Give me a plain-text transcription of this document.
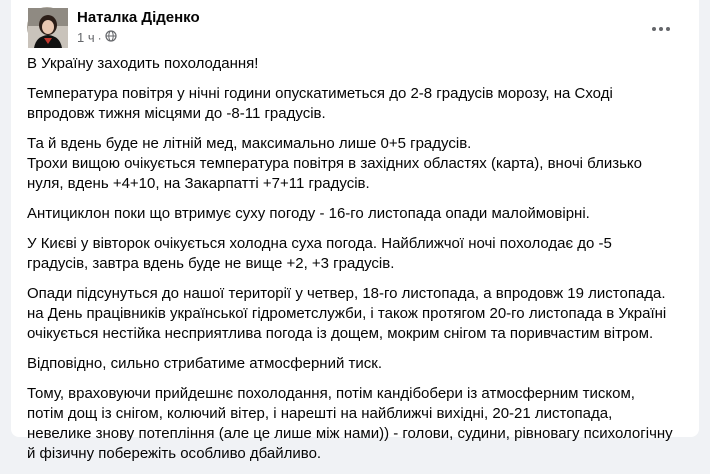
Наталка Діденко
1 ч ·

В Україну заходить похолодання!

Температура повітря у нічні години опускатиметься до 2-8 градусів морозу, на Сході
впродовж тижня місцями до -8-11 градусів.

Та й вдень буде не літній мед, максимально лише 0+5 градусів.
Трохи вищою очікується температура повітря в західних областях (карта), вночі близько
нуля, вдень +4+10, на Закарпатті +7+11 градусів.

Антициклон поки що втримує суху погоду - 16-го листопада опади малоймовірні.

У Києві у вівторок очікується холодна суха погода. Найближчої ночі похолодає до -5
градусів, завтра вдень буде не вище +2, +3 градусів.

Опади підсунуться до нашої території у четвер, 18-го листопада, а впродовж 19 листопада.
на День працівників української гідрометслужби, і також протягом 20-го листопада в Україні
очікується нестійка несприятлива погода із дощем, мокрим снігом та поривчастим вітром.

Відповідно, сильно стрибатиме атмосферний тиск.

Тому, враховуючи прийдешнє похолодання, потім кандібобери із атмосферним тиском,
потім дощ із снігом, колючий вітер, і нарешті на найближчі вихідні, 20-21 листопада,
невелике знову потепління (але це лише між нами)) - голови, судини, рівновагу психологічну
й фізичну побережіть особливо дбайливо.
